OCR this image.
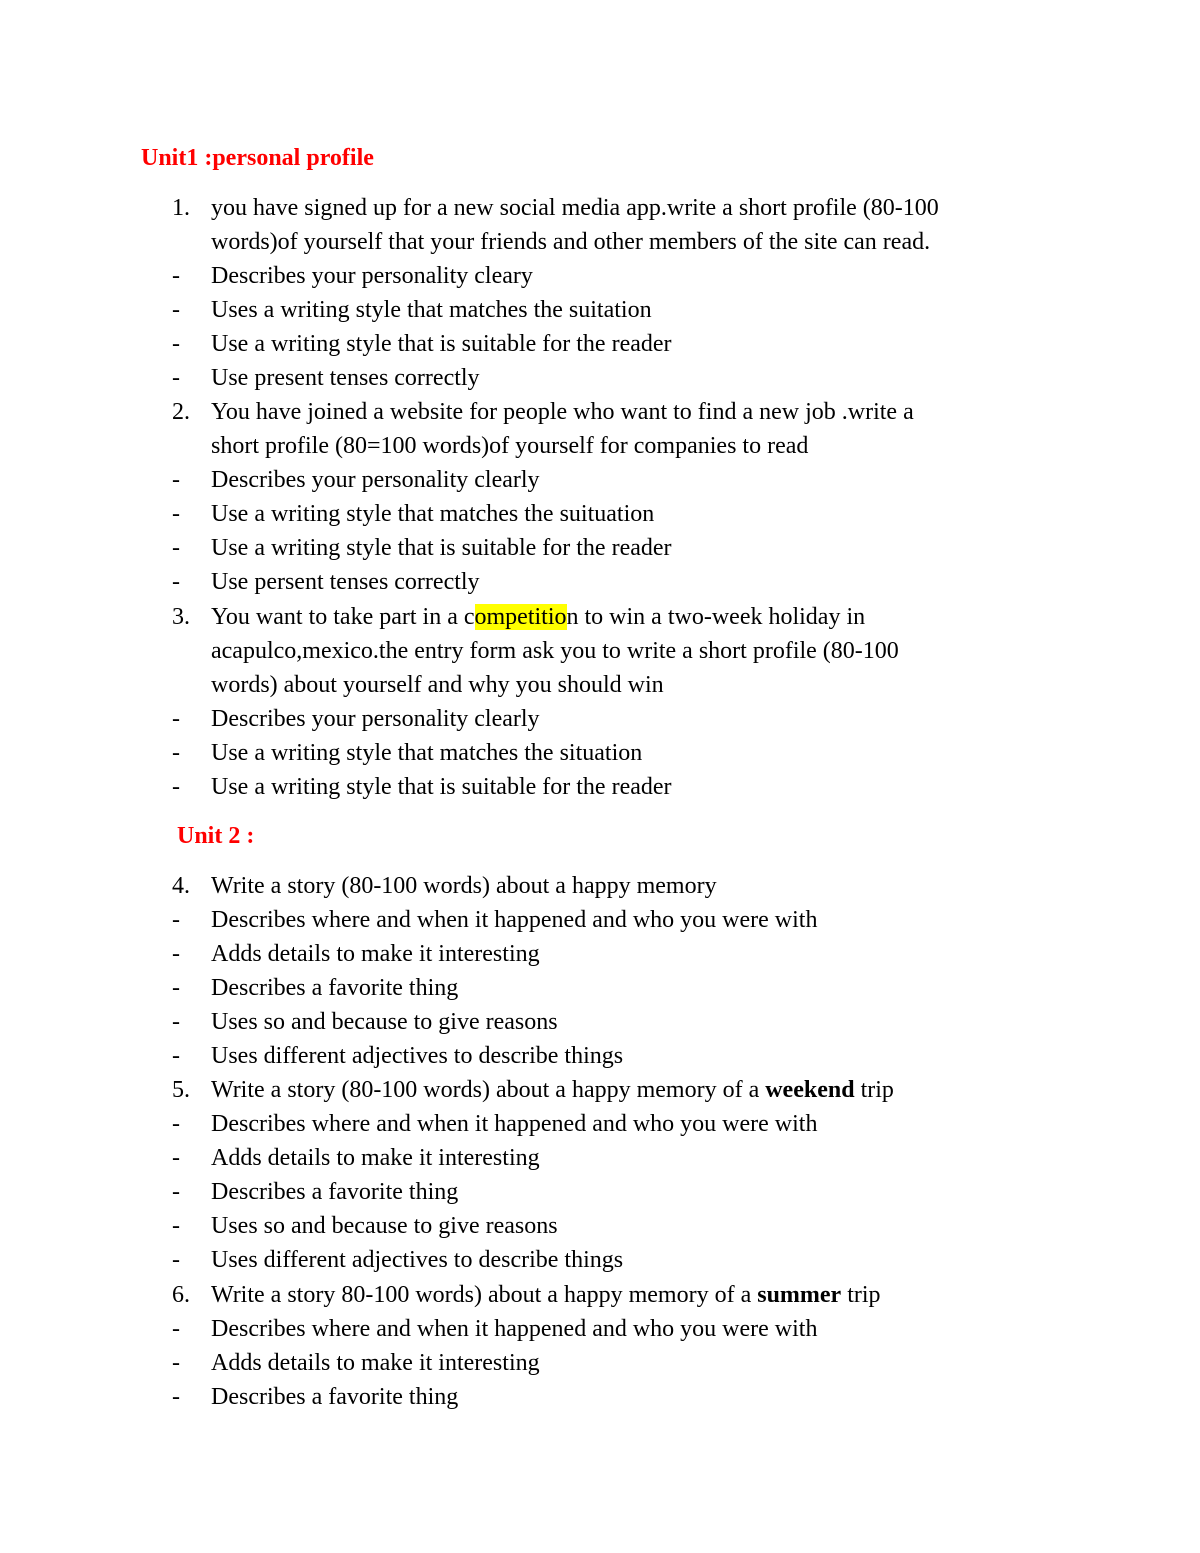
Unit1 :personal profile
1. you have signed up for a new social media app.write a short profile (80-100
words)of yourself that your friends and other members of the site can read.
-	Describes your personality cleary
-	Uses a writing style that matches the suitation
-	Use a writing style that is suitable for the reader
-	Use present tenses correctly
2. You have joined a website for people who want to find a new job .write a
short profile (80=100 words)of yourself for companies to read
-	Describes your personality clearly
-	Use a writing style that matches the suituation
-	Use a writing style that is suitable for the reader
-	Use persent tenses correctly
3. You want to take part in a competition to win a two-week holiday in
acapulco,mexico.the entry form ask you to write a short profile (80-100
words) about yourself and why you should win
-	Describes your personality clearly
-	Use a writing style that matches the situation
-	Use a writing style that is suitable for the reader
Unit 2 :
4. Write a story (80-100 words) about a happy memory
-	Describes where and when it happened and who you were with
-	Adds details to make it interesting
-	Describes a favorite thing
-	Uses so and because to give reasons
-	Uses different adjectives to describe things
5. Write a story (80-100 words) about a happy memory of a weekend trip
-	Describes where and when it happened and who you were with
-	Adds details to make it interesting
-	Describes a favorite thing
-	Uses so and because to give reasons
-	Uses different adjectives to describe things
6. Write a story 80-100 words) about a happy memory of a summer trip
-	Describes where and when it happened and who you were with
-	Adds details to make it interesting
-	Describes a favorite thing
